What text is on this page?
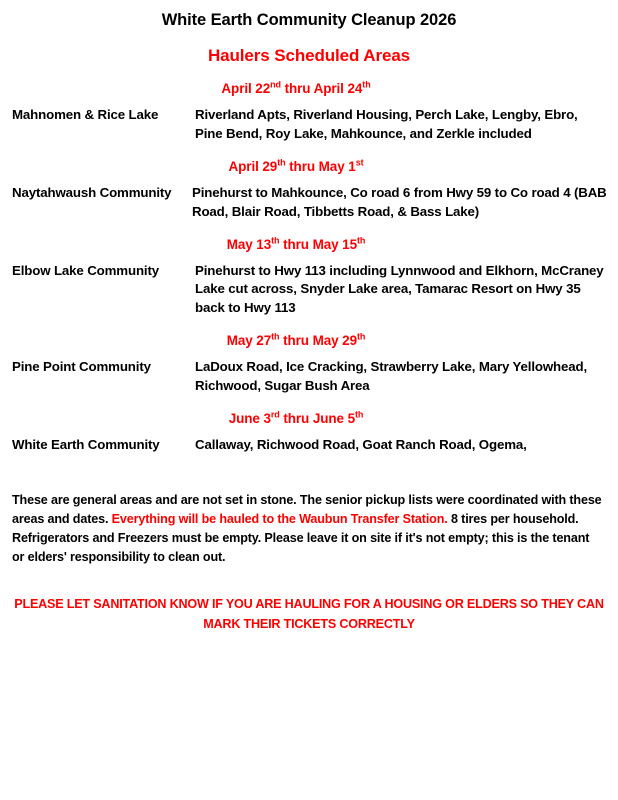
White Earth Community Cleanup 2026
Haulers Scheduled Areas
April 22nd thru April 24th
Mahnomen & Rice Lake	Riverland Apts, Riverland Housing, Perch Lake, Lengby, Ebro, Pine Bend, Roy Lake, Mahkounce, and Zerkle included
April 29th thru May 1st
Naytahwaush Community	Pinehurst to Mahkounce, Co road 6 from Hwy 59 to Co road 4 (BAB Road, Blair Road, Tibbetts Road, & Bass Lake)
May 13th thru May 15th
Elbow Lake Community	Pinehurst to Hwy 113 including Lynnwood and Elkhorn, McCraney Lake cut across, Snyder Lake area, Tamarac Resort on Hwy 35 back to Hwy 113
May 27th thru May 29th
Pine Point Community	LaDoux Road, Ice Cracking, Strawberry Lake, Mary Yellowhead, Richwood, Sugar Bush Area
June 3rd thru June 5th
White Earth Community	Callaway, Richwood Road, Goat Ranch Road, Ogema,

These are general areas and are not set in stone. The senior pickup lists were coordinated with these areas and dates. Everything will be hauled to the Waubun Transfer Station. 8 tires per household. Refrigerators and Freezers must be empty. Please leave it on site if it's not empty; this is the tenant or elders' responsibility to clean out.

PLEASE LET SANITATION KNOW IF YOU ARE HAULING FOR A HOUSING OR ELDERS SO THEY CAN MARK THEIR TICKETS CORRECTLY
